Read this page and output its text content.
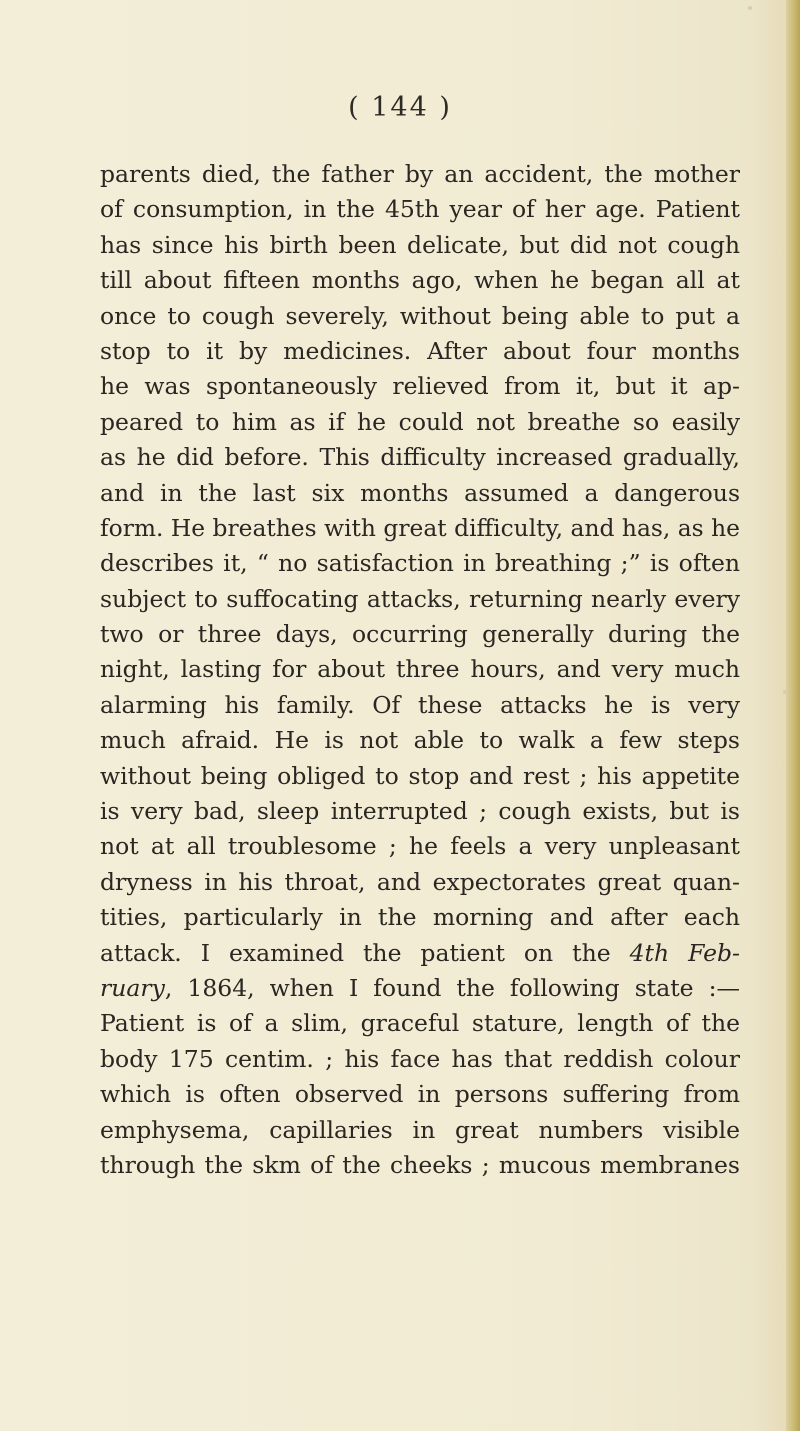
( 144 )
parents died, the father by an accident, the mother
of consumption, in the 45th year of her age. Patient
has since his birth been delicate, but did not cough
till about fifteen months ago, when he began all at
once to cough severely, without being able to put a
stop to it by medicines. After about four months
he was spontaneously relieved from it, but it ap-
peared to him as if he could not breathe so easily
as he did before. This difficulty increased gradually,
and in the last six months assumed a dangerous
form. He breathes with great difficulty, and has, as he
describes it, “ no satisfaction in breathing ;” is often
subject to suffocating attacks, returning nearly every
two or three days, occurring generally during the
night, lasting for about three hours, and very much
alarming his family. Of these attacks he is very
much afraid. He is not able to walk a few steps
without being obliged to stop and rest ; his appetite
is very bad, sleep interrupted ; cough exists, but is
not at all troublesome ; he feels a very unpleasant
dryness in his throat, and expectorates great quan-
tities, particularly in the morning and after each
attack. I examined the patient on the 4th Feb-
ruary, 1864, when I found the following state :—
Patient is of a slim, graceful stature, length of the
body 175 centim. ; his face has that reddish colour
which is often observed in persons suffering from
emphysema, capillaries in great numbers visible
through the skm of the cheeks ; mucous membranes
